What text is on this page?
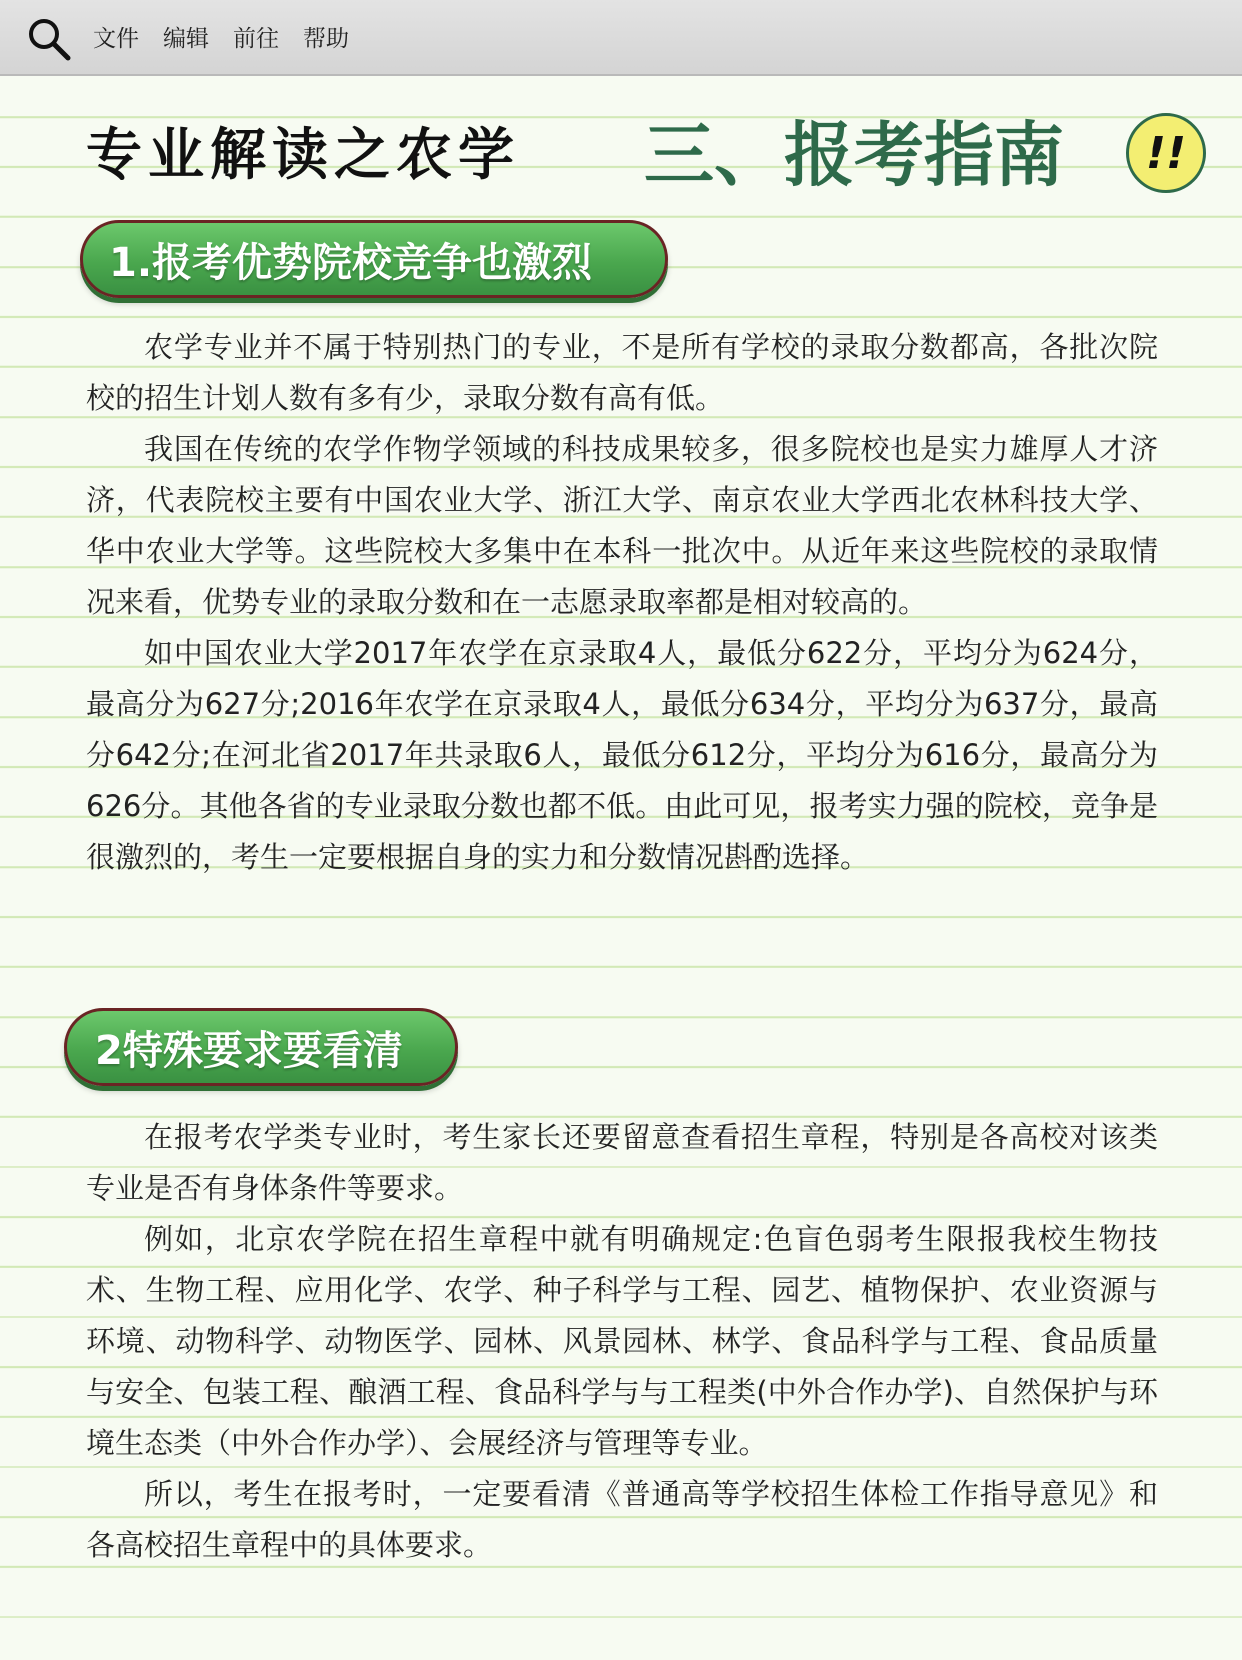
文件 编辑 前往 帮助
专业解读之农学 三、报考指南	!!
1.报考优势院校竞争也激烈

农学专业并不属于特别热门的专业，不是所有学校的录取分数都高，各批次院校的招生计划人数有多有少，录取分数有高有低。

我国在传统的农学作物学领域的科技成果较多，很多院校也是实力雄厚人才济济，代表院校主要有中国农业大学、浙江大学、南京农业大学西北农林科技大学、华中农业大学等。这些院校大多集中在本科一批次中。从近年来这些院校的录取情况来看，优势专业的录取分数和在一志愿录取率都是相对较高的。

如中国农业大学2017年农学在京录取4人，最低分622分，平均分为624分，最高分为627分;2016年农学在京录取4人，最低分634分，平均分为637分，最高分642分;在河北省2017年共录取6人，最低分612分，平均分为616分，最高分为626分。其他各省的专业录取分数也都不低。由此可见，报考实力强的院校，竞争是很激烈的，考生一定要根据自身的实力和分数情况斟酌选择。

2特殊要求要看清

在报考农学类专业时，考生家长还要留意查看招生章程，特别是各高校对该类专业是否有身体条件等要求。

例如，北京农学院在招生章程中就有明确规定:色盲色弱考生限报我校生物技术、生物工程、应用化学、农学、种子科学与工程、园艺、植物保护、农业资源与环境、动物科学、动物医学、园林、风景园林、林学、食品科学与工程、食品质量与安全、包装工程、酿酒工程、食品科学与与工程类(中外合作办学)、自然保护与环境生态类（中外合作办学）、会展经济与管理等专业。

所以，考生在报考时，一定要看清《普通高等学校招生体检工作指导意见》和各高校招生章程中的具体要求。
